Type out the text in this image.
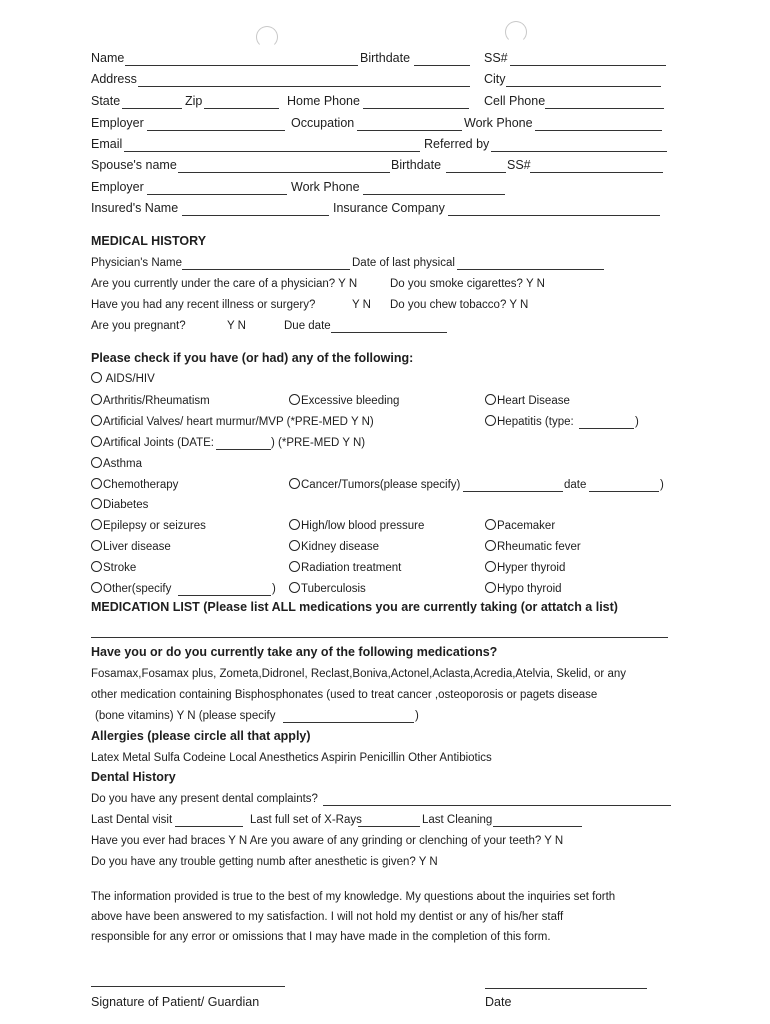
Name	Birthdate	SS#
Address	City
State	Zip	Home Phone	Cell Phone
Employer	Occupation	Work Phone
Email	Referred by
Spouse's name	Birthdate	SS#
Employer	Work Phone
Insured's Name	Insurance Company
MEDICAL HISTORY
Physician's Name	Date of last physical
Are you currently under the care of a physician? Y N	Do you smoke cigarettes? Y N
Have you had any recent illness or surgery?	Y N Do you chew tobacco? Y N
Are you pregnant?	Y N	Due date
Please check if you have (or had) any of the following:
AIDS/HIV
Arthritis/Rheumatism	Excessive bleeding	Heart Disease
Artificial Valves/ heart murmur/MVP (*PRE-MED Y N)	Hepatitis (type:	)
Artifical Joints (DATE:	) (*PRE-MED Y N)
Asthma
Chemotherapy	Cancer/Tumors(please specify)	date	)
Diabetes
Epilepsy or seizures	High/low blood pressure	Pacemaker
Liver disease	Kidney disease	Rheumatic fever
Stroke	Radiation treatment	Hyper thyroid
Other(specify	)	Tuberculosis	Hypo thyroid
MEDICATION LIST (Please list ALL medications you are currently taking (or attatch a list)
Have you or do you currently take any of the following medications?
Fosamax,Fosamax plus, Zometa,Didronel, Reclast,Boniva,Actonel,Aclasta,Acredia,Atelvia, Skelid, or any
other medication containing Bisphosphonates (used to treat cancer ,osteoporosis or pagets disease
(bone vitamins) Y N (please specify	)
Allergies (please circle all that apply)
Latex Metal Sulfa Codeine Local Anesthetics Aspirin Penicillin Other Antibiotics
Dental History
Do you have any present dental complaints?
Last Dental visit	Last full set of X-Rays	Last Cleaning
Have you ever had braces Y N Are you aware of any grinding or clenching of your teeth? Y N
Do you have any trouble getting numb after anesthetic is given? Y N
The information provided is true to the best of my knowledge. My questions about the inquiries set forth
above have been answered to my satisfaction. I will not hold my dentist or any of his/her staff
responsible for any error or omissions that I may have made in the completion of this form.
Signature of Patient/ Guardian	Date
